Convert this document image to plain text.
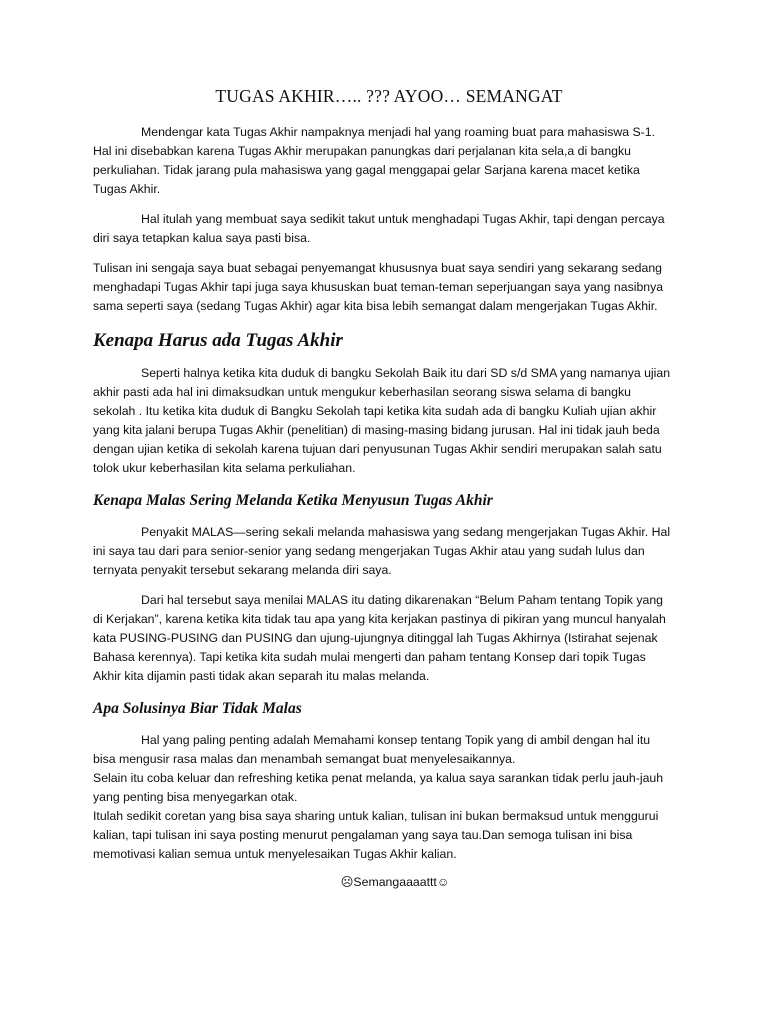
TUGAS AKHIR….. ??? AYOO… SEMANGAT

Mendengar kata Tugas Akhir nampaknya menjadi hal yang roaming buat para mahasiswa S-1. Hal ini disebabkan karena Tugas Akhir merupakan panungkas dari perjalanan kita sela,a di bangku perkuliahan. Tidak jarang pula mahasiswa yang gagal menggapai gelar Sarjana karena macet ketika Tugas Akhir.

Hal itulah yang membuat saya sedikit takut untuk menghadapi Tugas Akhir, tapi dengan percaya diri saya tetapkan kalua saya pasti bisa.

Tulisan ini sengaja saya buat sebagai penyemangat khususnya buat saya sendiri yang sekarang sedang menghadapi Tugas Akhir tapi juga saya khususkan buat teman-teman seperjuangan saya yang nasibnya sama seperti saya (sedang Tugas Akhir) agar kita bisa lebih semangat dalam mengerjakan Tugas Akhir.

Kenapa Harus ada Tugas Akhir

Seperti halnya ketika kita duduk di bangku Sekolah Baik itu dari SD s/d SMA yang namanya ujian akhir pasti ada hal ini dimaksudkan untuk mengukur keberhasilan seorang siswa selama di bangku sekolah . Itu ketika kita duduk di Bangku Sekolah tapi ketika kita sudah ada di bangku Kuliah ujian akhir yang kita jalani berupa Tugas Akhir (penelitian) di masing-masing bidang jurusan. Hal ini tidak jauh beda dengan ujian ketika di sekolah karena tujuan dari penyusunan Tugas Akhir sendiri merupakan salah satu tolok ukur keberhasilan kita selama perkuliahan.

Kenapa Malas Sering Melanda Ketika Menyusun Tugas Akhir

Penyakit MALAS—sering sekali melanda mahasiswa yang sedang mengerjakan Tugas Akhir. Hal ini saya tau dari para senior-senior yang sedang mengerjakan Tugas Akhir atau yang sudah lulus dan ternyata penyakit tersebut sekarang melanda diri saya.

Dari hal tersebut saya menilai MALAS itu dating dikarenakan “Belum Paham tentang Topik yang di Kerjakan”, karena ketika kita tidak tau apa yang kita kerjakan pastinya di pikiran yang muncul hanyalah kata PUSING-PUSING dan PUSING dan ujung-ujungnya ditinggal lah Tugas Akhirnya (Istirahat sejenak Bahasa kerennya). Tapi ketika kita sudah mulai mengerti dan paham tentang Konsep dari topik Tugas Akhir kita dijamin pasti tidak akan separah itu malas melanda.

Apa Solusinya Biar Tidak Malas

Hal yang paling penting adalah Memahami konsep tentang Topik yang di ambil dengan hal itu bisa mengusir rasa malas dan menambah semangat buat menyelesaikannya.

Selain itu coba keluar dan refreshing ketika penat melanda, ya kalua saya sarankan tidak perlu jauh-jauh yang penting bisa menyegarkan otak.

Itulah sedikit coretan yang bisa saya sharing untuk kalian, tulisan ini bukan bermaksud untuk menggurui kalian, tapi tulisan ini saya posting menurut pengalaman yang saya tau.Dan semoga tulisan ini bisa memotivasi kalian semua untuk menyelesaikan Tugas Akhir kalian.

☹Semangaaaattt☺
